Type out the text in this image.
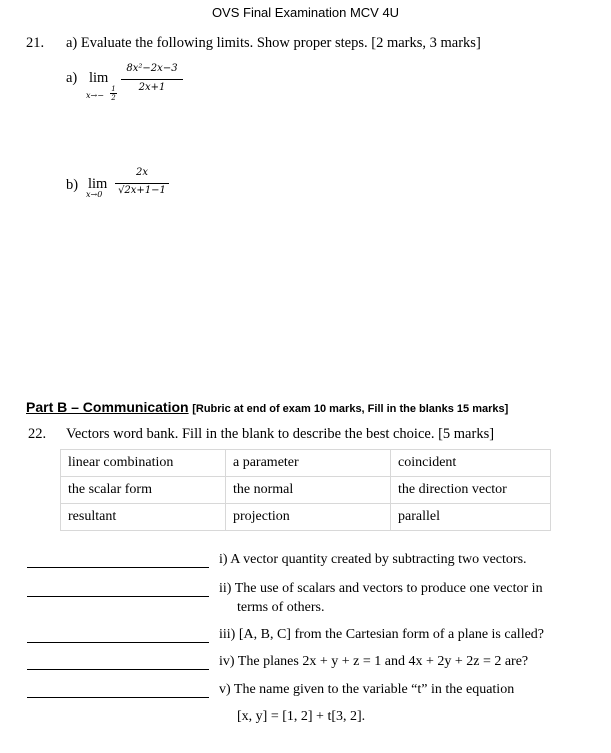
OVS Final Examination MCV 4U
21. a) Evaluate the following limits. Show proper steps. [2 marks, 3 marks]
a) lim
$x\to- \frac{1}{2}$
8x²−2x−3
2x+1
b) lim
x→0
2x
√2x+1−1
Part B – Communication [Rubric at end of exam 10 marks, Fill in the blanks 15 marks]
22. Vectors word bank. Fill in the blank to describe the best choice. [5 marks]
linear combination	a parameter	coincident
the scalar form	the normal	the direction vector
resultant	projection	parallel
i) A vector quantity created by subtracting two vectors.
ii) The use of scalars and vectors to produce one vector in
terms of others.
iii) [A, B, C] from the Cartesian form of a plane is called?
iv) The planes 2x + y + z = 1 and 4x + 2y + 2z = 2 are?
v) The name given to the variable “t” in the equation
[x, y] = [1, 2] + t[3, 2].
